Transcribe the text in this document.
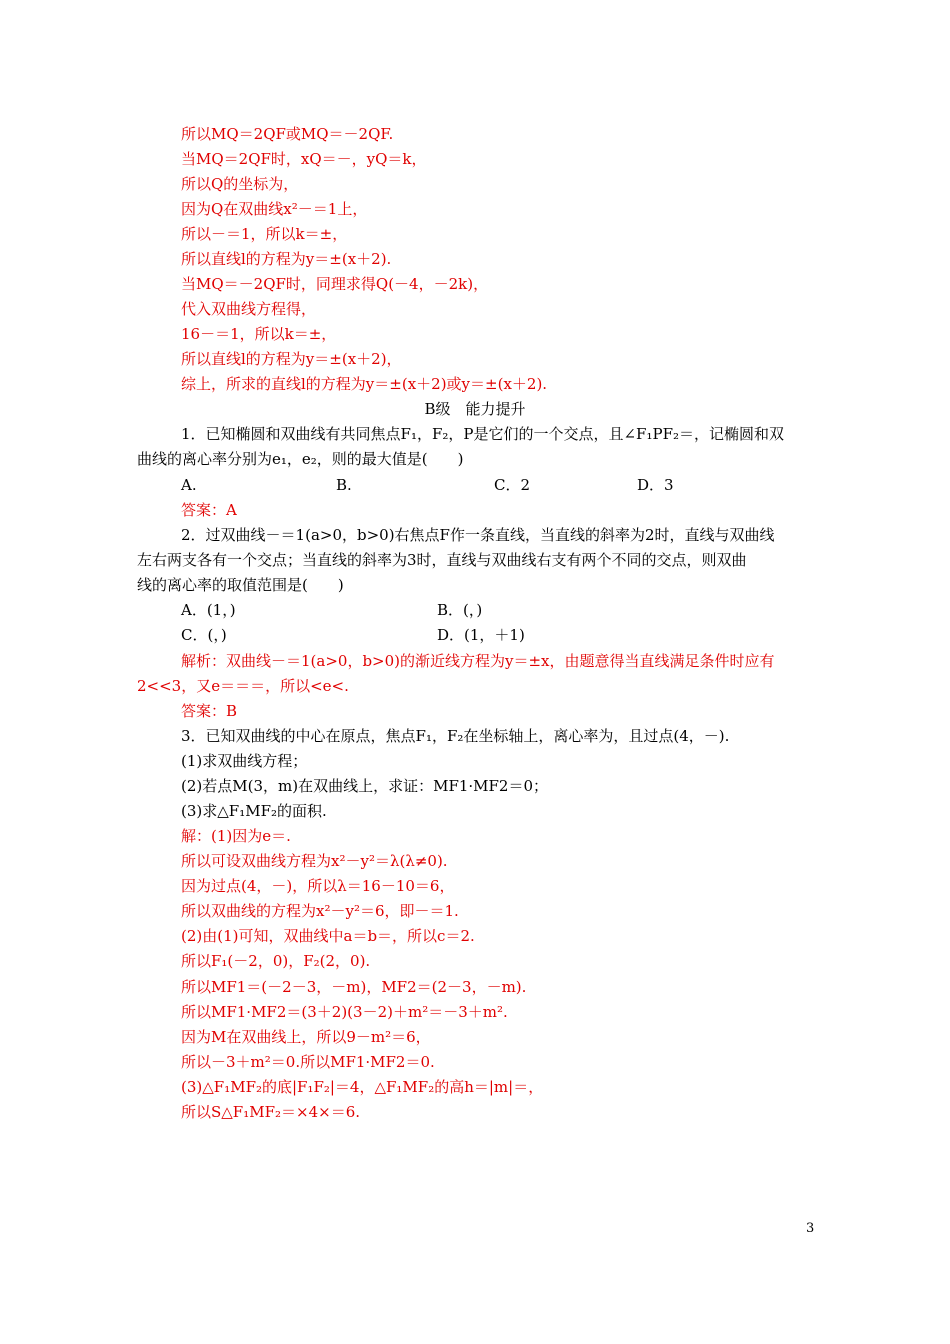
所以MQ＝2QF或MQ＝－2QF.
当MQ＝2QF时，xQ＝－，yQ＝k，
所以Q的坐标为，
因为Q在双曲线x²－＝1上，
所以－＝1，所以k＝±，
所以直线l的方程为y＝±(x＋2).
当MQ＝－2QF时，同理求得Q(－4，－2k)，
代入双曲线方程得，
16－＝1，所以k＝±，
所以直线l的方程为y＝±(x＋2)，
综上，所求的直线l的方程为y＝±(x＋2)或y＝±(x＋2).
B级　能力提升
1．已知椭圆和双曲线有共同焦点F₁，F₂，P是它们的一个交点，且∠F₁PF₂＝，记椭圆和双
曲线的离心率分别为e₁，e₂，则的最大值是(　　)
A.	B.	C．2	D．3
答案：A
2．过双曲线－＝1(a>0，b>0)右焦点F作一条直线，当直线的斜率为2时，直线与双曲线
左右两支各有一个交点；当直线的斜率为3时，直线与双曲线右支有两个不同的交点，则双曲
线的离心率的取值范围是(　　)
A．(1，)	B．(，)
C．(，)	D．(1，＋1)
解析：双曲线－＝1(a>0，b>0)的渐近线方程为y＝±x，由题意得当直线满足条件时应有
2<<3，又e＝＝＝，所以<e<.
答案：B
3．已知双曲线的中心在原点，焦点F₁，F₂在坐标轴上，离心率为，且过点(4，－).
(1)求双曲线方程；
(2)若点M(3，m)在双曲线上，求证：MF1·MF2＝0；
(3)求△F₁MF₂的面积.
解：(1)因为e＝.
所以可设双曲线方程为x²－y²＝λ(λ≠0).
因为过点(4，－)，所以λ＝16－10＝6，
所以双曲线的方程为x²－y²＝6，即－＝1.
(2)由(1)可知，双曲线中a＝b＝，所以c＝2.
所以F₁(－2，0)，F₂(2，0).
所以MF1＝(－2－3，－m)，MF2＝(2－3，－m).
所以MF1·MF2＝(3＋2)(3－2)＋m²＝－3＋m².
因为M在双曲线上，所以9－m²＝6，
所以－3＋m²＝0.所以MF1·MF2＝0.
(3)△F₁MF₂的底|F₁F₂|＝4，△F₁MF₂的高h＝|m|＝，
所以S△F₁MF₂＝×4×＝6.
3
